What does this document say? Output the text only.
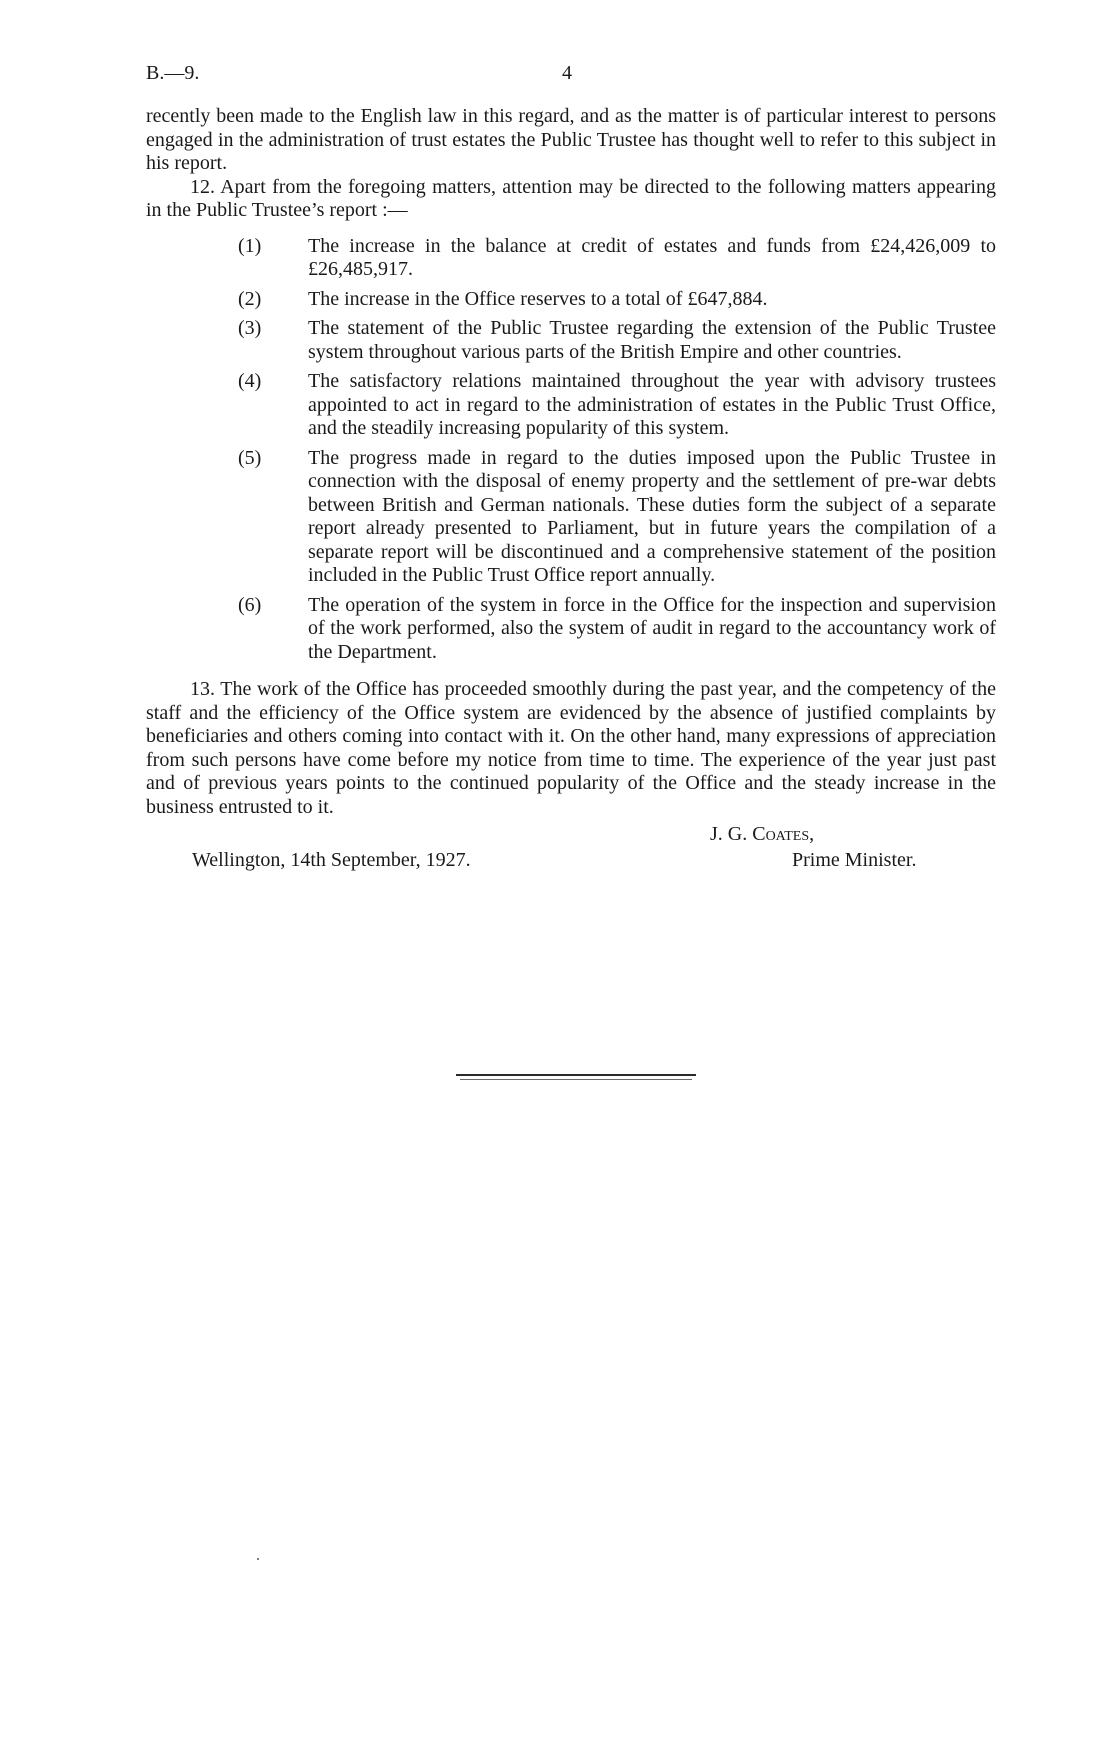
B.—9.	4

recently been made to the English law in this regard, and as the matter is of particular interest to persons engaged in the administration of trust estates the Public Trustee has thought well to refer to this subject in his report.

12. Apart from the foregoing matters, attention may be directed to the following matters appearing in the Public Trustee’s report :—

(1)	The increase in the balance at credit of estates and funds from £24,426,009 to £26,485,917.
(2)	The increase in the Office reserves to a total of £647,884.
(3)	The statement of the Public Trustee regarding the extension of the Public Trustee system throughout various parts of the British Empire and other countries.
(4)	The satisfactory relations maintained throughout the year with advisory trustees appointed to act in regard to the administration of estates in the Public Trust Office, and the steadily increasing popularity of this system.
(5)	The progress made in regard to the duties imposed upon the Public Trustee in connection with the disposal of enemy property and the settlement of pre-war debts between British and German nationals. These duties form the subject of a separate report already presented to Parliament, but in future years the compilation of a separate report will be discontinued and a comprehensive statement of the position included in the Public Trust Office report annually.
(6)	The operation of the system in force in the Office for the inspection and supervision of the work performed, also the system of audit in regard to the accountancy work of the Department.

13. The work of the Office has proceeded smoothly during the past year, and the competency of the staff and the efficiency of the Office system are evidenced by the absence of justified complaints by beneficiaries and others coming into contact with it. On the other hand, many expressions of appreciation from such persons have come before my notice from time to time. The experience of the year just past and of previous years points to the continued popularity of the Office and the steady increase in the business entrusted to it.

J. G. Coates,
Wellington, 14th September, 1927.	Prime Minister.
